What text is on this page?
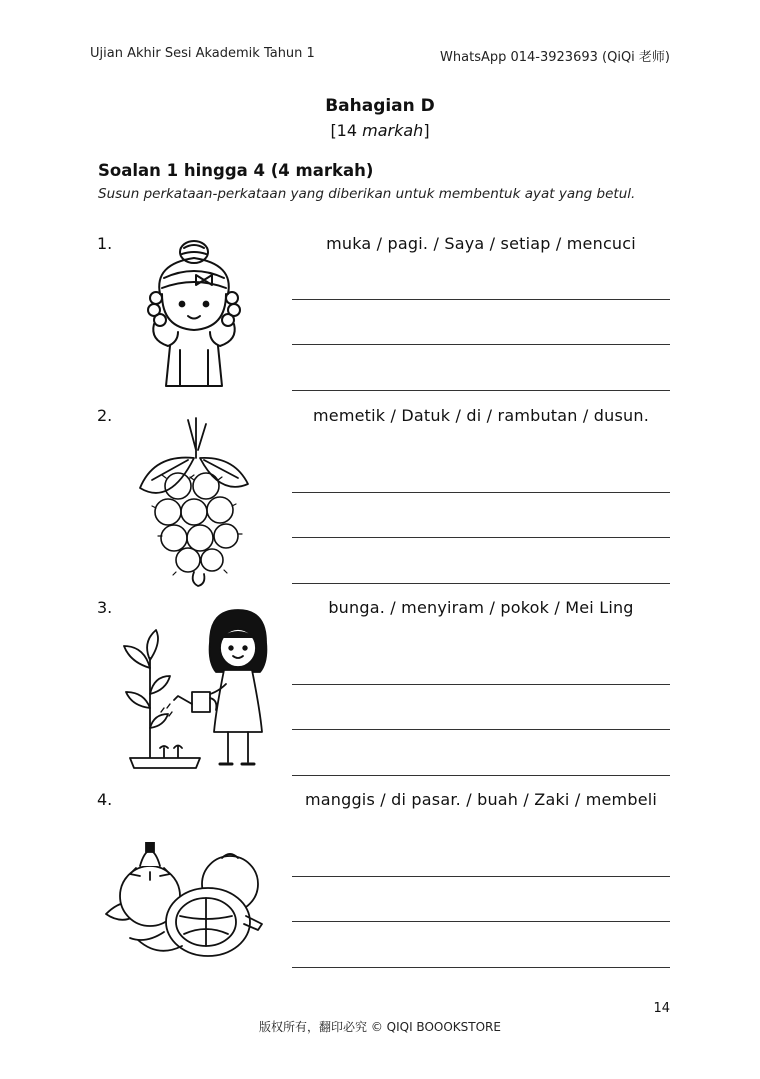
Ujian Akhir Sesi Akademik Tahun 1	WhatsApp 014-3923693 (QiQi 老师)
Bahagian D
[14 markah]
Soalan 1 hingga 4 (4 markah)
Susun perkataan-perkataan yang diberikan untuk membentuk ayat yang betul.
1.	muka / pagi. / Saya / setiap / mencuci
2.	memetik / Datuk / di / rambutan / dusun.
3.	bunga. / menyiram / pokok / Mei Ling
4.	manggis / di pasar. / buah / Zaki / membeli
14
版权所有，翻印必究 © QIQI BOOOKSTORE
